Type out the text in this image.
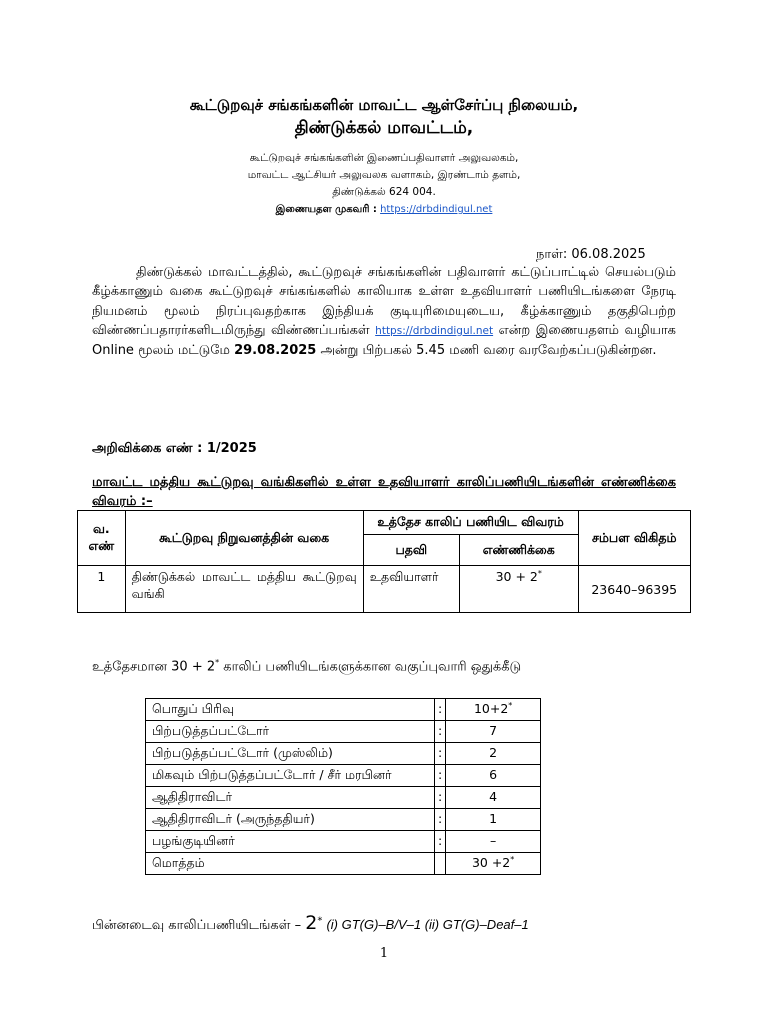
கூட்டுறவுச் சங்கங்களின் மாவட்ட ஆள்சேர்ப்பு நிலையம்,
திண்டுக்கல் மாவட்டம்,
கூட்டுறவுச் சங்கங்களின் இணைப்பதிவாளர் அலுவலகம்,
மாவட்ட ஆட்சியர் அலுவலக வளாகம், இரண்டாம் தளம்,
திண்டுக்கல் 624 004.
இணையதள முகவரி : https://drbdindigul.net
நாள்: 06.08.2025
திண்டுக்கல் மாவட்டத்தில், கூட்டுறவுச் சங்கங்களின் பதிவாளர் கட்டுப்பாட்டில் செயல்படும் கீழ்க்காணும் வகை கூட்டுறவுச் சங்கங்களில் காலியாக உள்ள உதவியாளர் பணியிடங்களை நேரடி நியமனம் மூலம் நிரப்புவதற்காக இந்தியக் குடியுரிமையுடைய, கீழ்க்காணும் தகுதிபெற்ற விண்ணப்பதாரர்களிடமிருந்து விண்ணப்பங்கள் https://drbdindigul.net என்ற இணையதளம் வழியாக Online மூலம் மட்டுமே 29.08.2025 அன்று பிற்பகல் 5.45 மணி வரை வரவேற்கப்படுகின்றன.
அறிவிக்கை எண் : 1/2025
மாவட்ட மத்திய கூட்டுறவு வங்கிகளில் உள்ள உதவியாளர் காலிப்பணியிடங்களின் எண்ணிக்கை விவரம் :–
வ. எண்	கூட்டுறவு நிறுவனத்தின் வகை	உத்தேச காலிப் பணியிட விவரம்		சம்பள விகிதம்
		பதவி	எண்ணிக்கை	
1	திண்டுக்கல் மாவட்ட மத்திய கூட்டுறவு வங்கி	உதவியாளர்	30 + 2*	23640–96395
உத்தேசமான 30 + 2* காலிப் பணியிடங்களுக்கான வகுப்புவாரி ஒதுக்கீடு
பொதுப் பிரிவு	:	10+2*
பிற்படுத்தப்பட்டோர்	:	7
பிற்படுத்தப்பட்டோர் (முஸ்லிம்)	:	2
மிகவும் பிற்படுத்தப்பட்டோர் / சீர் மரபினர்	:	6
ஆதிதிராவிடர்	:	4
ஆதிதிராவிடர் (அருந்ததியர்)	:	1
பழங்குடியினர்	:	–
மொத்தம்		30 +2*
பின்னடைவு காலிப்பணியிடங்கள் – 2* (i) GT(G)–B/V–1 (ii) GT(G)–Deaf–1
1
